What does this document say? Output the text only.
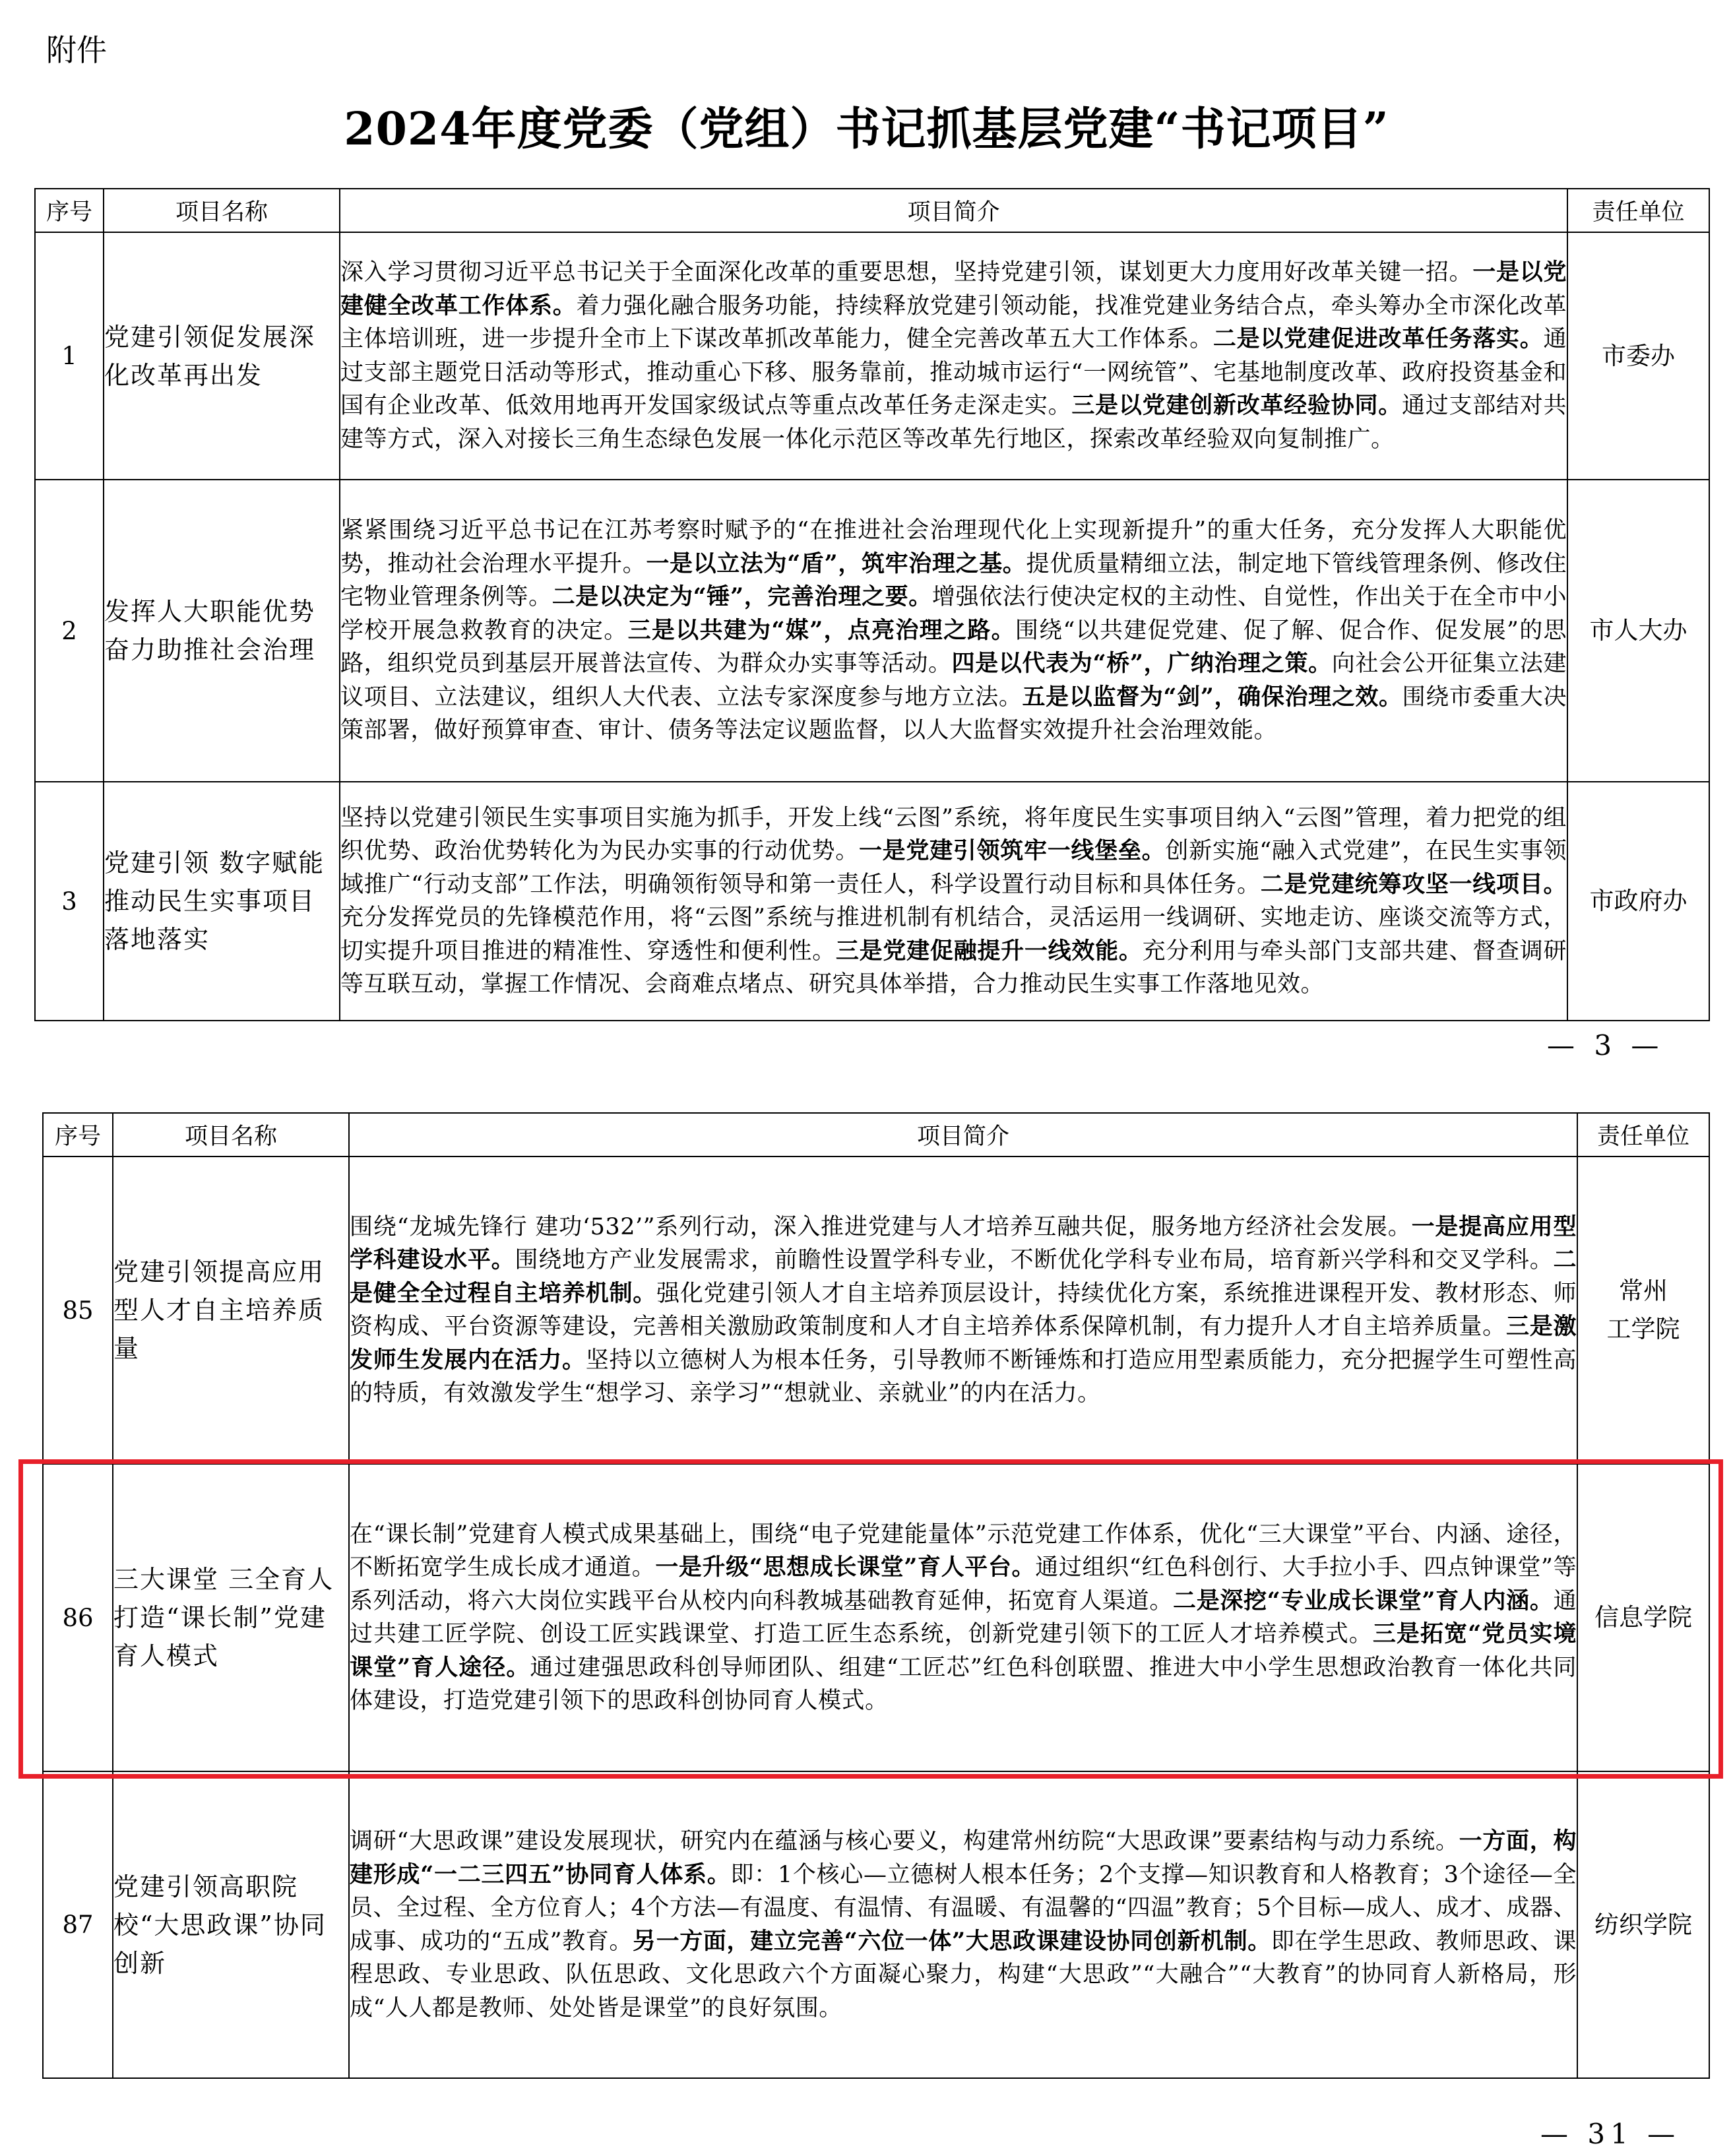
附件
2024年度党委（党组）书记抓基层党建“书记项目”
序号	项目名称	项目简介	责任单位
1	党建引领促发展深化改革再出发	深入学习贯彻习近平总书记关于全面深化改革的重要思想，坚持党建引领，谋划更大力度用好改革关键一招。一是以党建健全改革工作体系。着力强化融合服务功能，持续释放党建引领动能，找准党建业务结合点，牵头筹办全市深化改革主体培训班，进一步提升全市上下谋改革抓改革能力，健全完善改革五大工作体系。二是以党建促进改革任务落实。通过支部主题党日活动等形式，推动重心下移、服务靠前，推动城市运行“一网统管”、宅基地制度改革、政府投资基金和国有企业改革、低效用地再开发国家级试点等重点改革任务走深走实。三是以党建创新改革经验协同。通过支部结对共建等方式，深入对接长三角生态绿色发展一体化示范区等改革先行地区，探索改革经验双向复制推广。	市委办
2	发挥人大职能优势 奋力助推社会治理	紧紧围绕习近平总书记在江苏考察时赋予的“在推进社会治理现代化上实现新提升”的重大任务，充分发挥人大职能优势，推动社会治理水平提升。一是以立法为“盾”，筑牢治理之基。提优质量精细立法，制定地下管线管理条例、修改住宅物业管理条例等。二是以决定为“锤”，完善治理之要。增强依法行使决定权的主动性、自觉性，作出关于在全市中小学校开展急救教育的决定。三是以共建为“媒”，点亮治理之路。围绕“以共建促党建、促了解、促合作、促发展”的思路，组织党员到基层开展普法宣传、为群众办实事等活动。四是以代表为“桥”，广纳治理之策。向社会公开征集立法建议项目、立法建议，组织人大代表、立法专家深度参与地方立法。五是以监督为“剑”，确保治理之效。围绕市委重大决策部署，做好预算审查、审计、债务等法定议题监督，以人大监督实效提升社会治理效能。	市人大办
3	党建引领 数字赋能 推动民生实事项目落地落实	坚持以党建引领民生实事项目实施为抓手，开发上线“云图”系统，将年度民生实事项目纳入“云图”管理，着力把党的组织优势、政治优势转化为为民办实事的行动优势。一是党建引领筑牢一线堡垒。创新实施“融入式党建”，在民生实事领域推广“行动支部”工作法，明确领衔领导和第一责任人，科学设置行动目标和具体任务。二是党建统筹攻坚一线项目。充分发挥党员的先锋模范作用，将“云图”系统与推进机制有机结合，灵活运用一线调研、实地走访、座谈交流等方式，切实提升项目推进的精准性、穿透性和便利性。三是党建促融提升一线效能。充分利用与牵头部门支部共建、督查调研等互联互动，掌握工作情况、会商难点堵点、研究具体举措，合力推动民生实事工作落地见效。	市政府办
— 3 —
序号	项目名称	项目简介	责任单位
85	党建引领提高应用型人才自主培养质量	围绕“龙城先锋行 建功‘532’”系列行动，深入推进党建与人才培养互融共促，服务地方经济社会发展。一是提高应用型学科建设水平。围绕地方产业发展需求，前瞻性设置学科专业，不断优化学科专业布局，培育新兴学科和交叉学科。二是健全全过程自主培养机制。强化党建引领人才自主培养顶层设计，持续优化方案，系统推进课程开发、教材形态、师资构成、平台资源等建设，完善相关激励政策制度和人才自主培养体系保障机制，有力提升人才自主培养质量。三是激发师生发展内在活力。坚持以立德树人为根本任务，引导教师不断锤炼和打造应用型素质能力，充分把握学生可塑性高的特质，有效激发学生“想学习、亲学习”“想就业、亲就业”的内在活力。	常州
工学院

86	三大课堂 三全育人 打造“课长制”党建育人模式	在“课长制”党建育人模式成果基础上，围绕“电子党建能量体”示范党建工作体系，优化“三大课堂”平台、内涵、途径，不断拓宽学生成长成才通道。一是升级“思想成长课堂”育人平台。通过组织“红色科创行、大手拉小手、四点钟课堂”等系列活动，将六大岗位实践平台从校内向科教城基础教育延伸，拓宽育人渠道。二是深挖“专业成长课堂”育人内涵。通过共建工匠学院、创设工匠实践课堂、打造工匠生态系统，创新党建引领下的工匠人才培养模式。三是拓宽“党员实境课堂”育人途径。通过建强思政科创导师团队、组建“工匠芯”红色科创联盟、推进大中小学生思想政治教育一体化共同体建设，打造党建引领下的思政科创协同育人模式。	信息学院
87	党建引领高职院校“大思政课”协同创新	调研“大思政课”建设发展现状，研究内在蕴涵与核心要义，构建常州纺院“大思政课”要素结构与动力系统。一方面，构建形成“一二三四五”协同育人体系。即：1个核心—立德树人根本任务；2个支撑—知识教育和人格教育；3个途径—全员、全过程、全方位育人；4个方法—有温度、有温情、有温暖、有温馨的“四温”教育；5个目标—成人、成才、成器、成事、成功的“五成”教育。另一方面，建立完善“六位一体”大思政课建设协同创新机制。即在学生思政、教师思政、课程思政、专业思政、队伍思政、文化思政六个方面凝心聚力，构建“大思政”“大融合”“大教育”的协同育人新格局，形成“人人都是教师、处处皆是课堂”的良好氛围。	纺织学院
— 31 —
